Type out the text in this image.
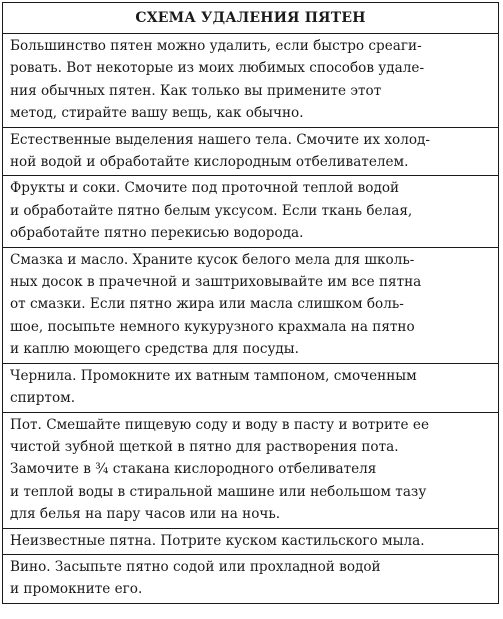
СХЕМА УДАЛЕНИЯ ПЯТЕН

Большинство пятен можно удалить, если быстро среаги-
ровать. Вот некоторые из моих любимых способов удале-
ния обычных пятен. Как только вы примените этот
метод, стирайте вашу вещь, как обычно.

Естественные выделения нашего тела. Смочите их холод-
ной водой и обработайте кислородным отбеливателем.

Фрукты и соки. Смочите под проточной теплой водой
и обработайте пятно белым уксусом. Если ткань белая,
обработайте пятно перекисью водорода.

Смазка и масло. Храните кусок белого мела для школь-
ных досок в прачечной и заштриховывайте им все пятна
от смазки. Если пятно жира или масла слишком боль-
шое, посыпьте немного кукурузного крахмала на пятно
и каплю моющего средства для посуды.

Чернила. Промокните их ватным тампоном, смоченным
спиртом.

Пот. Смешайте пищевую соду и воду в пасту и вотрите ее
чистой зубной щеткой в пятно для растворения пота.
Замочите в ¾ стакана кислородного отбеливателя
и теплой воды в стиральной машине или небольшом тазу
для белья на пару часов или на ночь.

Неизвестные пятна. Потрите куском кастильского мыла.

Вино. Засыпьте пятно содой или прохладной водой
и промокните его.
